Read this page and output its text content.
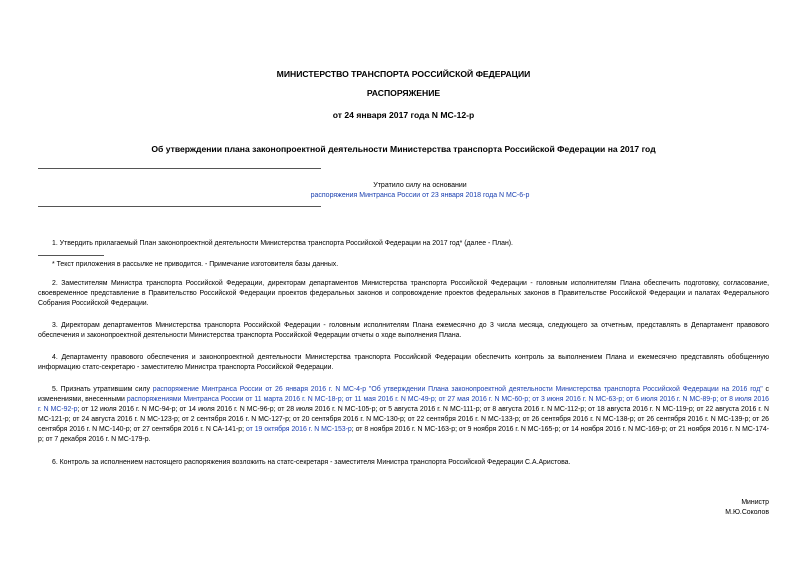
МИНИСТЕРСТВО ТРАНСПОРТА РОССИЙСКОЙ ФЕДЕРАЦИИ
РАСПОРЯЖЕНИЕ
от 24 января 2017 года N МС-12-р
Об утверждении плана законопроектной деятельности Министерства транспорта Российской Федерации на 2017 год
Утратило силу на основании
распоряжения Минтранса России от 23 января 2018 года N МС-6-р

1. Утвердить прилагаемый План законопроектной деятельности Министерства транспорта Российской Федерации на 2017 год* (далее - План).

* Текст приложения в рассылке не приводится. - Примечание изготовителя базы данных.

2. Заместителям Министра транспорта Российской Федерации, директорам департаментов Министерства транспорта Российской Федерации - головным исполнителям Плана обеспечить подготовку, согласование, своевременное представление в Правительство Российской Федерации проектов федеральных законов и сопровождение проектов федеральных законов в Правительстве Российской Федерации и палатах Федерального Собрания Российской Федерации.

3. Директорам департаментов Министерства транспорта Российской Федерации - головным исполнителям Плана ежемесячно до 3 числа месяца, следующего за отчетным, представлять в Департамент правового обеспечения и законопроектной деятельности Министерства транспорта Российской Федерации отчеты о ходе выполнения Плана.

4. Департаменту правового обеспечения и законопроектной деятельности Министерства транспорта Российской Федерации обеспечить контроль за выполнением Плана и ежемесячно представлять обобщенную информацию статс-секретарю - заместителю Министра транспорта Российской Федерации.

5. Признать утратившим силу распоряжение Минтранса России от 26 января 2016 г. N МС-4-р "Об утверждении Плана законопроектной деятельности Министерства транспорта Российской Федерации на 2016 год" с изменениями, внесенными распоряжениями Минтранса России от 11 марта 2016 г. N МС-18-р; от 11 мая 2016 г. N МС-49-р; от 27 мая 2016 г. N МС-60-р; от 3 июня 2016 г. N МС-63-р; от 6 июля 2016 г. N МС-89-р; от 8 июля 2016 г. N МС-92-р; от 12 июля 2016 г. N МС-94-р; от 14 июля 2016 г. N МС-96-р; от 28 июля 2016 г. N МС-105-р; от 5 августа 2016 г. N МС-111-р; от 8 августа 2016 г. N МС-112-р; от 18 августа 2016 г. N МС-119-р; от 22 августа 2016 г. N МС-121-р; от 24 августа 2016 г. N МС-123-р; от 2 сентября 2016 г. N МС-127-р; от 20 сентября 2016 г. N МС-130-р; от 22 сентября 2016 г. N МС-133-р; от 26 сентября 2016 г. N МС-138-р; от 26 сентября 2016 г. N МС-139-р; от 26 сентября 2016 г. N МС-140-р; от 27 сентября 2016 г. N СА-141-р; от 19 октября 2016 г. N МС-153-р; от 8 ноября 2016 г. N МС-163-р; от 9 ноября 2016 г. N МС-165-р; от 14 ноября 2016 г. N МС-169-р; от 21 ноября 2016 г. N МС-174-р; от 7 декабря 2016 г. N МС-179-р.

6. Контроль за исполнением настоящего распоряжения возложить на статс-секретаря - заместителя Министра транспорта Российской Федерации С.А.Аристова.

Министр
М.Ю.Соколов
